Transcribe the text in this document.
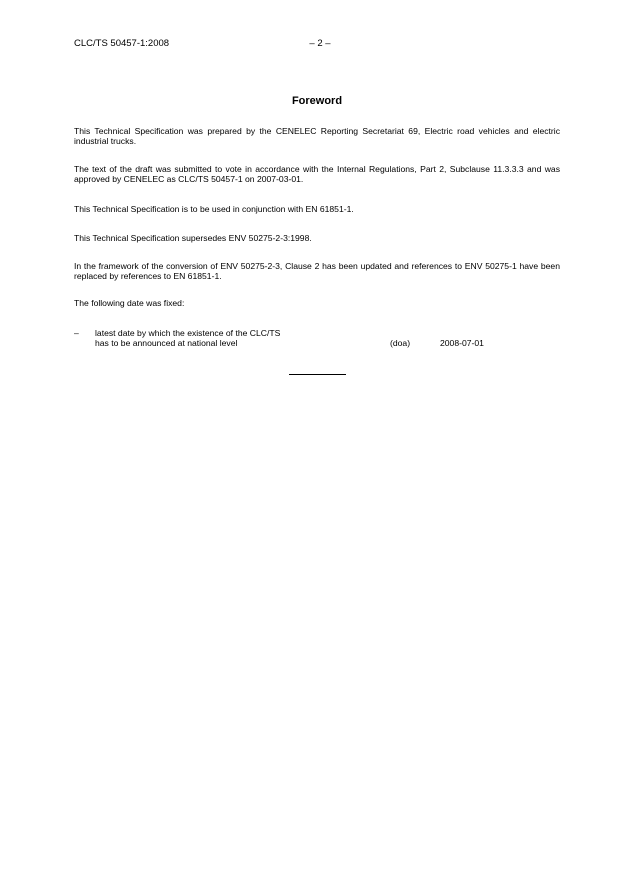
CLC/TS 50457-1:2008	– 2 –
Foreword

This Technical Specification was prepared by the CENELEC Reporting Secretariat 69, Electric road vehicles and electric industrial trucks.

The text of the draft was submitted to vote in accordance with the Internal Regulations, Part 2, Subclause 11.3.3.3 and was approved by CENELEC as CLC/TS 50457-1 on 2007-03-01.

This Technical Specification is to be used in conjunction with EN 61851-1.

This Technical Specification supersedes ENV 50275-2-3:1998.

In the framework of the conversion of ENV 50275-2-3, Clause 2 has been updated and references to ENV 50275-1 have been replaced by references to EN 61851-1.

The following date was fixed:

– latest date by which the existence of the CLC/TS
has to be announced at national level	(doa)	2008-07-01
